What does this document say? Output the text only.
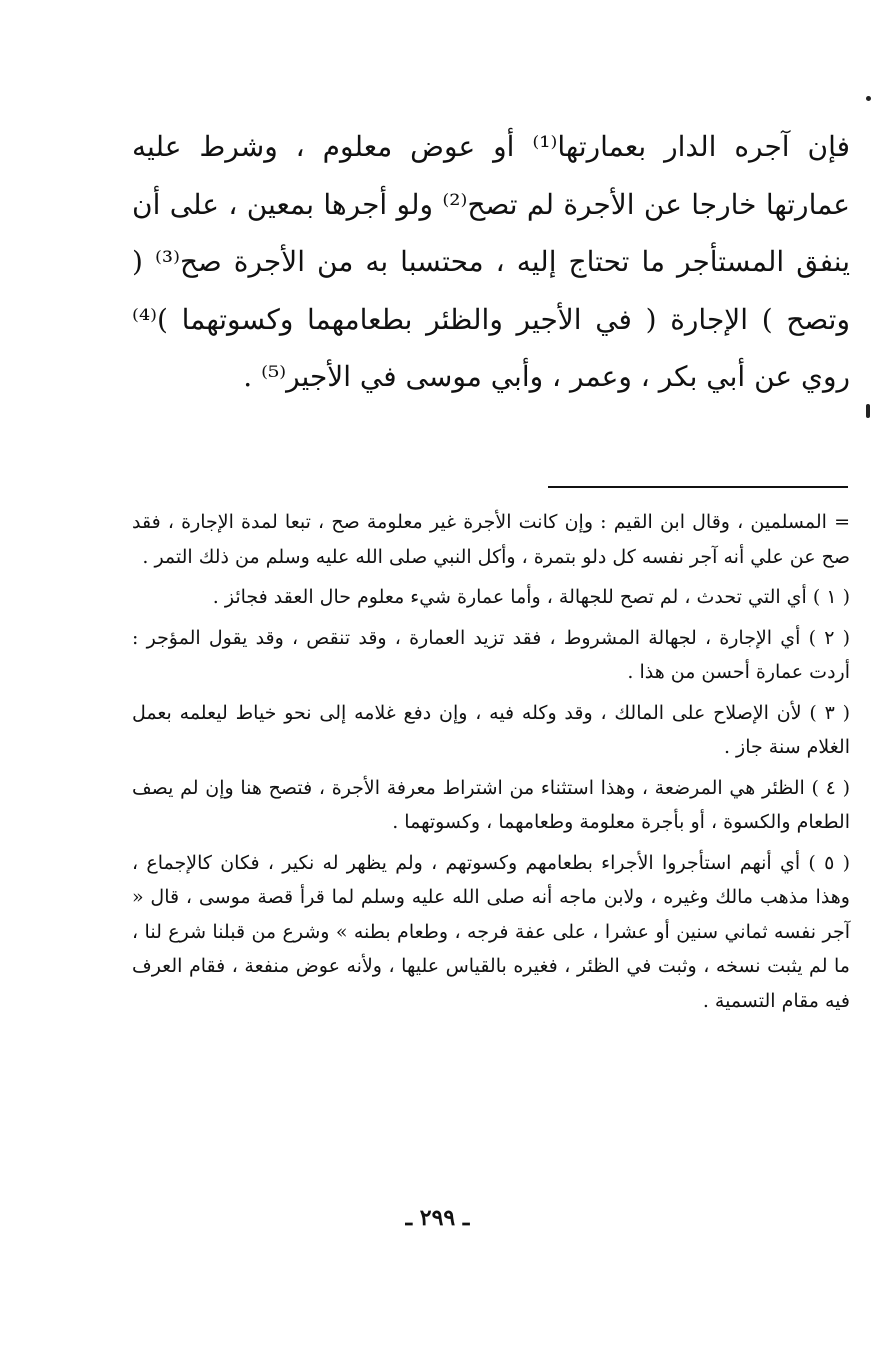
فإن آجره الدار بعمارتها⁽¹⁾ أو عوض معلوم ، وشرط عليه عمارتها خارجا عن الأجرة لم تصح⁽²⁾ ولو أجرها بمعين ، على أن ينفق المستأجر ما تحتاج إليه ، محتسبا به من الأجرة صح⁽³⁾ ( وتصح ) الإجارة ( في الأجير والظئر بطعامهما وكسوتهما )⁽⁴⁾ روي عن أبي بكر ، وعمر ، وأبي موسى في الأجير⁽⁵⁾ .

= المسلمين ، وقال ابن القيم : وإن كانت الأجرة غير معلومة صح ، تبعا لمدة الإجارة ، فقد صح عن علي أنه آجر نفسه كل دلو بتمرة ، وأكل النبي صلى الله عليه وسلم من ذلك التمر .

( ١ ) أي التي تحدث ، لم تصح للجهالة ، وأما عمارة شيء معلوم حال العقد فجائز .

( ٢ ) أي الإجارة ، لجهالة المشروط ، فقد تزيد العمارة ، وقد تنقص ، وقد يقول المؤجر : أردت عمارة أحسن من هذا .

( ٣ ) لأن الإصلاح على المالك ، وقد وكله فيه ، وإن دفع غلامه إلى نحو خياط ليعلمه بعمل الغلام سنة جاز .

( ٤ ) الظئر هي المرضعة ، وهذا استثناء من اشتراط معرفة الأجرة ، فتصح هنا وإن لم يصف الطعام والكسوة ، أو بأجرة معلومة وطعامهما ، وكسوتهما .

( ٥ ) أي أنهم استأجروا الأجراء بطعامهم وكسوتهم ، ولم يظهر له نكير ، فكان كالإجماع ، وهذا مذهب مالك وغيره ، ولابن ماجه أنه صلى الله عليه وسلم لما قرأ قصة موسى ، قال « آجر نفسه ثماني سنين أو عشرا ، على عفة فرجه ، وطعام بطنه » وشرع من قبلنا شرع لنا ، ما لم يثبت نسخه ، وثبت في الظئر ، فغيره بالقياس عليها ، ولأنه عوض منفعة ، فقام العرف فيه مقام التسمية .

ـ ٢٩٩ ـ
